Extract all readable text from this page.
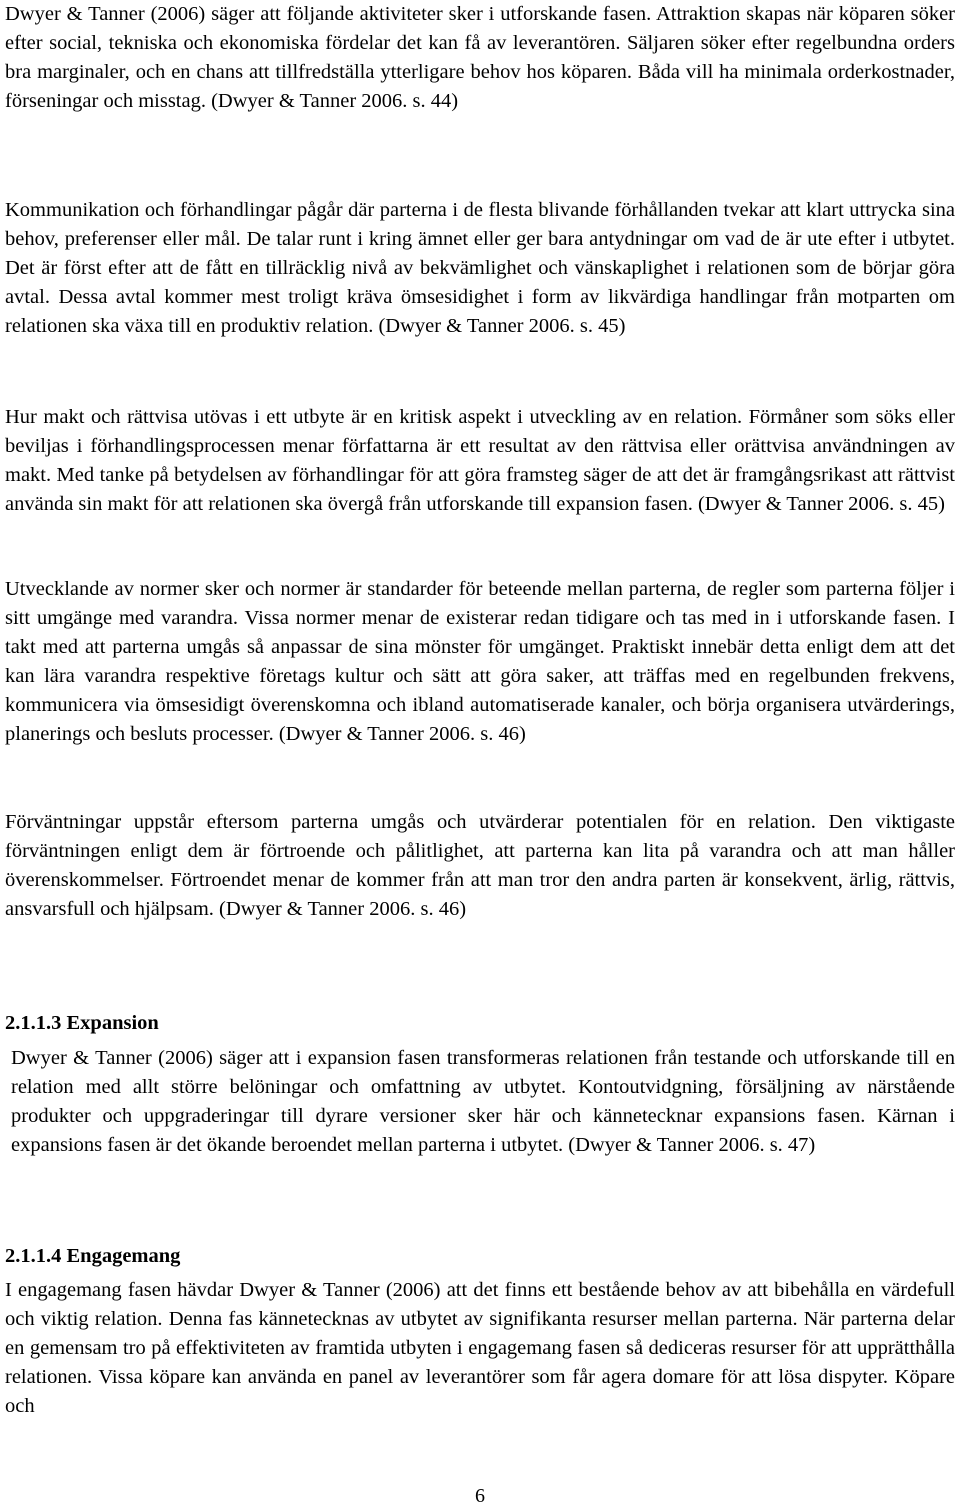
Dwyer & Tanner (2006) säger att följande aktiviteter sker i utforskande fasen. Attraktion skapas när köparen söker efter social, tekniska och ekonomiska fördelar det kan få av leverantören. Säljaren söker efter regelbundna orders bra marginaler, och en chans att tillfredställa ytterligare behov hos köparen. Båda vill ha minimala orderkostnader, förseningar och misstag. (Dwyer & Tanner 2006. s. 44)

Kommunikation och förhandlingar pågår där parterna i de flesta blivande förhållanden tvekar att klart uttrycka sina behov, preferenser eller mål. De talar runt i kring ämnet eller ger bara antydningar om vad de är ute efter i utbytet. Det är först efter att de fått en tillräcklig nivå av bekvämlighet och vänskaplighet i relationen som de börjar göra avtal. Dessa avtal kommer mest troligt kräva ömsesidighet i form av likvärdiga handlingar från motparten om relationen ska växa till en produktiv relation. (Dwyer & Tanner 2006. s. 45)

Hur makt och rättvisa utövas i ett utbyte är en kritisk aspekt i utveckling av en relation. Förmåner som söks eller beviljas i förhandlingsprocessen menar författarna är ett resultat av den rättvisa eller orättvisa användningen av makt. Med tanke på betydelsen av förhandlingar för att göra framsteg säger de att det är framgångsrikast att rättvist använda sin makt för att relationen ska övergå från utforskande till expansion fasen. (Dwyer & Tanner 2006. s. 45)

Utvecklande av normer sker och normer är standarder för beteende mellan parterna, de regler som parterna följer i sitt umgänge med varandra. Vissa normer menar de existerar redan tidigare och tas med in i utforskande fasen. I takt med att parterna umgås så anpassar de sina mönster för umgänget. Praktiskt innebär detta enligt dem att det kan lära varandra respektive företags kultur och sätt att göra saker, att träffas med en regelbunden frekvens, kommunicera via ömsesidigt överenskomna och ibland automatiserade kanaler, och börja organisera utvärderings, planerings och besluts processer. (Dwyer & Tanner 2006. s. 46)

Förväntningar uppstår eftersom parterna umgås och utvärderar potentialen för en relation. Den viktigaste förväntningen enligt dem är förtroende och pålitlighet, att parterna kan lita på varandra och att man håller överenskommelser. Förtroendet menar de kommer från att man tror den andra parten är konsekvent, ärlig, rättvis, ansvarsfull och hjälpsam. (Dwyer & Tanner 2006. s. 46)

2.1.1.3 Expansion

Dwyer & Tanner (2006) säger att i expansion fasen transformeras relationen från testande och utforskande till en relation med allt större belöningar och omfattning av utbytet. Kontoutvidgning, försäljning av närstående produkter och uppgraderingar till dyrare versioner sker här och kännetecknar expansions fasen. Kärnan i expansions fasen är det ökande beroendet mellan parterna i utbytet. (Dwyer & Tanner 2006. s. 47)

2.1.1.4 Engagemang

I engagemang fasen hävdar Dwyer & Tanner (2006) att det finns ett bestående behov av att bibehålla en värdefull och viktig relation. Denna fas kännetecknas av utbytet av signifikanta resurser mellan parterna. När parterna delar en gemensam tro på effektiviteten av framtida utbyten i engagemang fasen så dediceras resurser för att upprätthålla relationen. Vissa köpare kan använda en panel av leverantörer som får agera domare för att lösa dispyter. Köpare och

6
